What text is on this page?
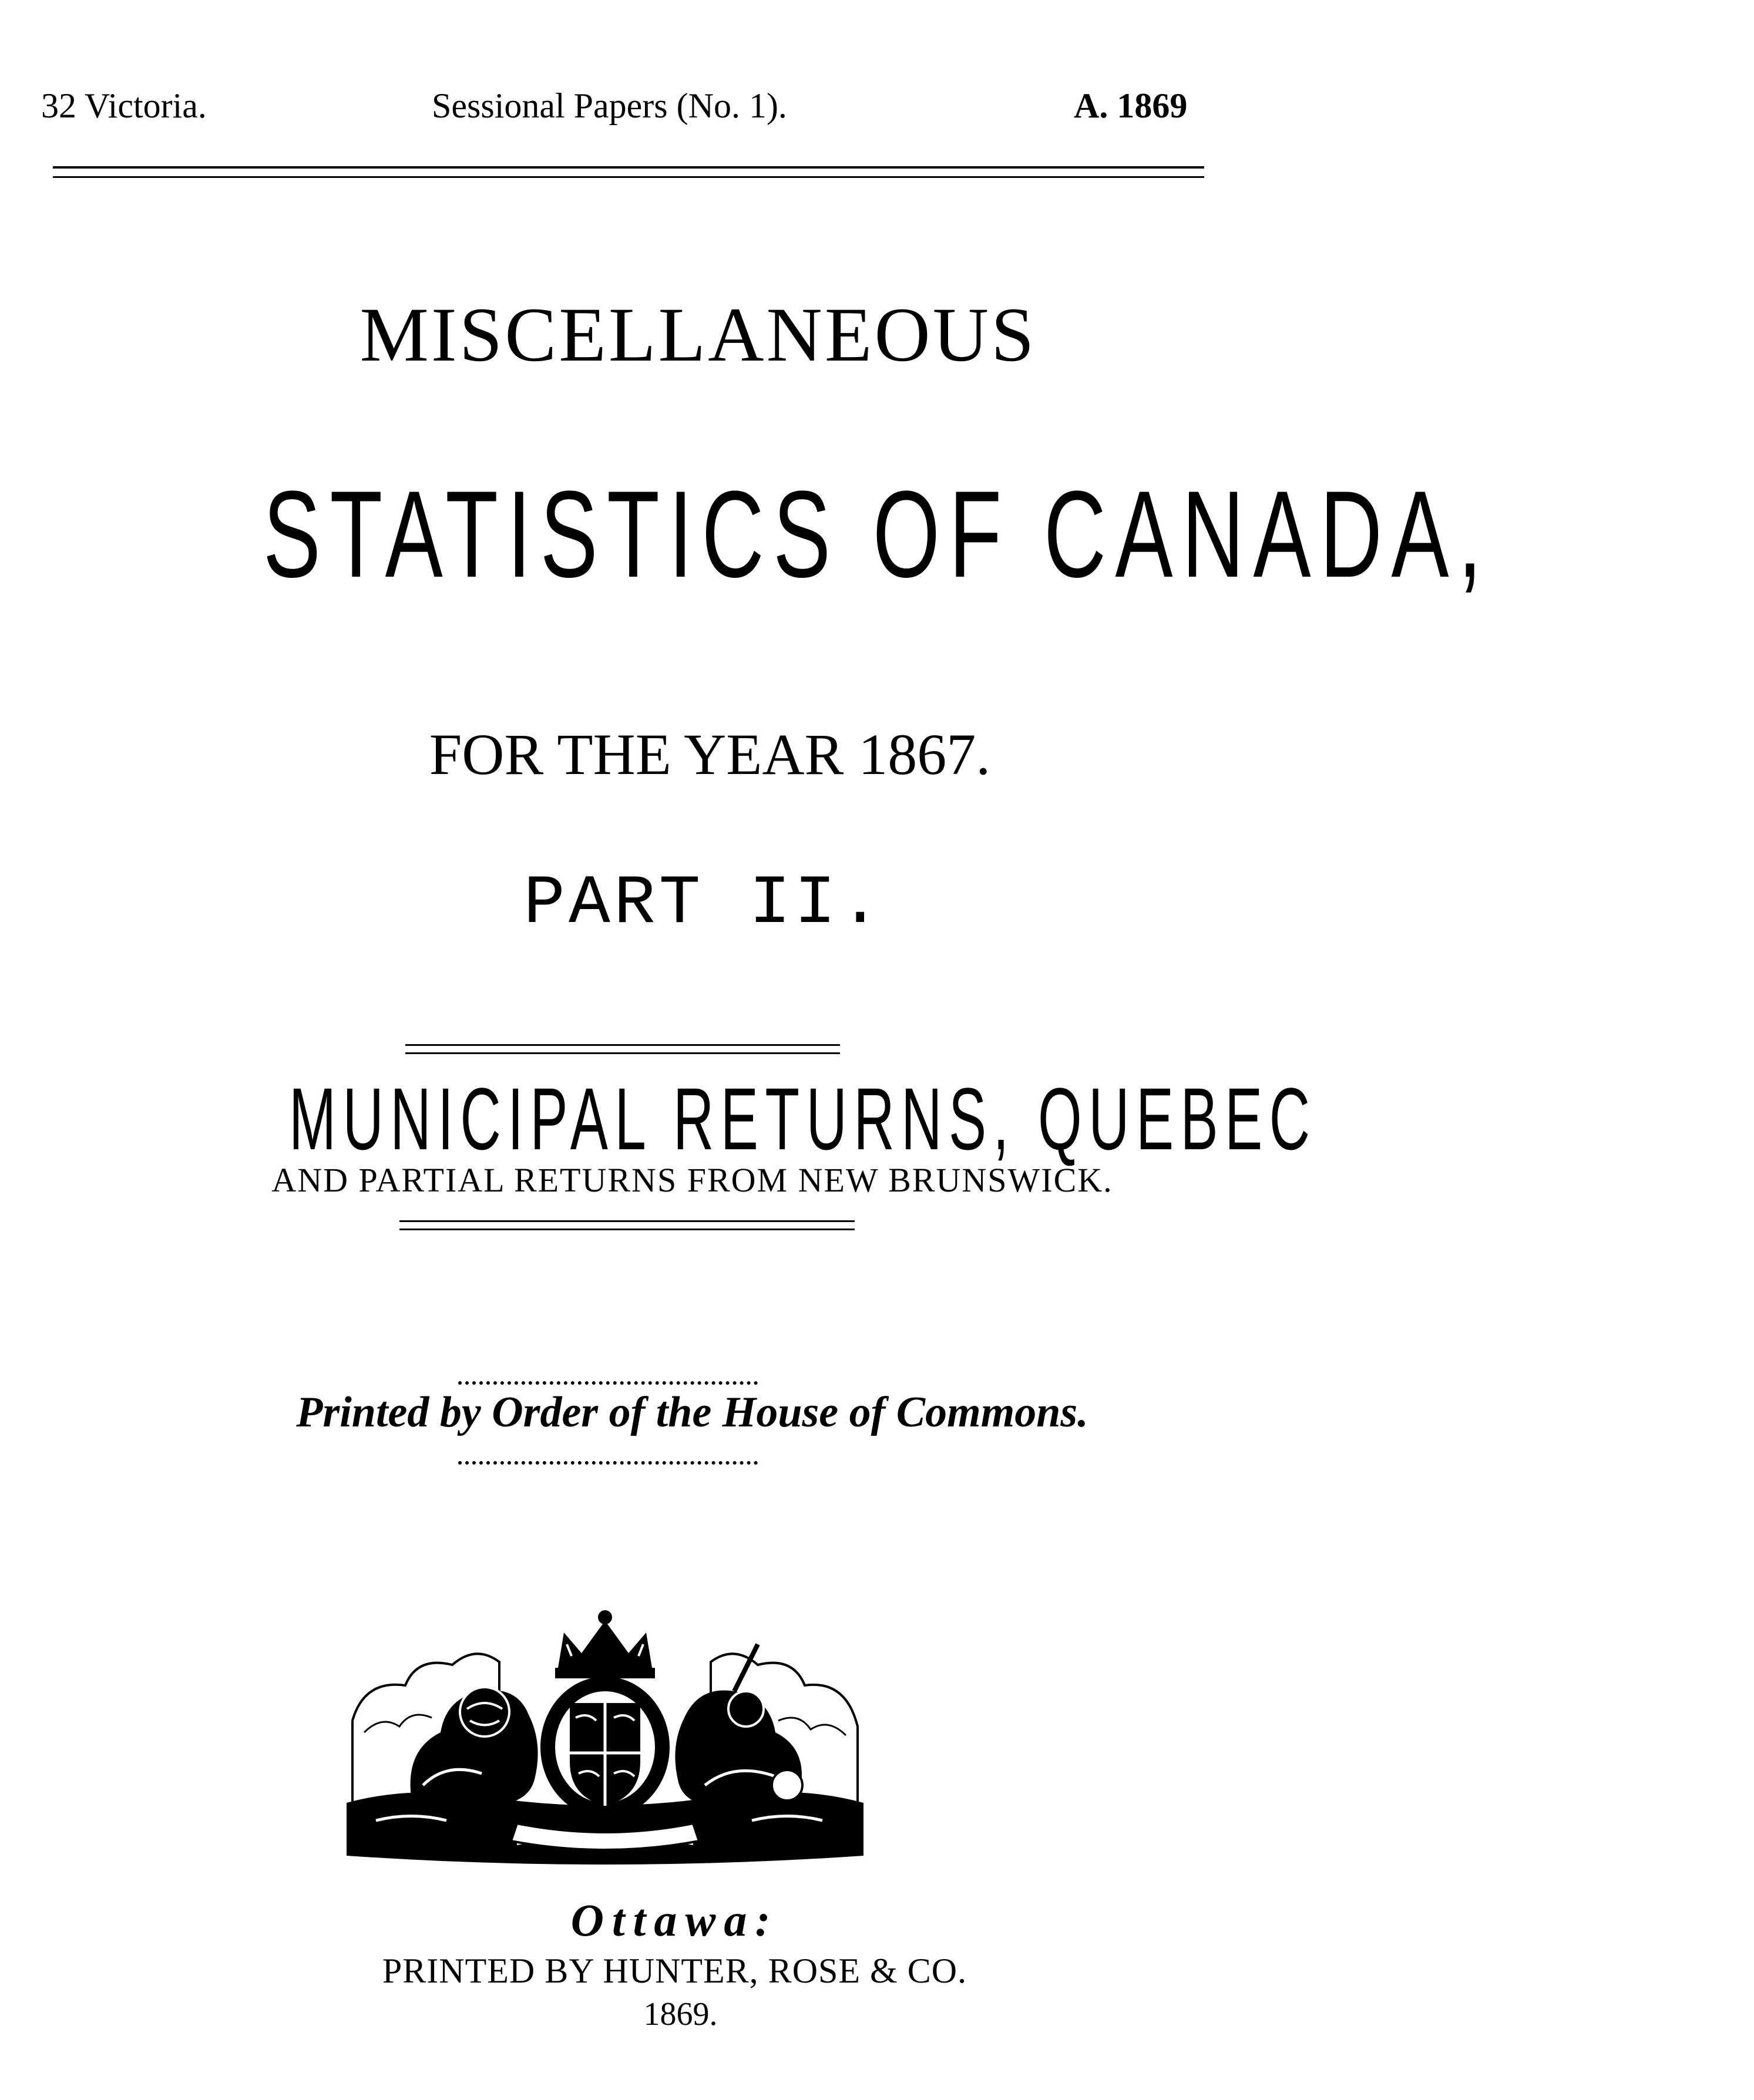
32 Victoria.	Sessional Papers (No. 1).	A. 1869
MISCELLANEOUS
STATISTICS OF CANADA,
FOR THE YEAR 1867.
PART II.
MUNICIPAL RETURNS, QUEBEC
AND PARTIAL RETURNS FROM NEW BRUNSWICK.
Printed by Order of the House of Commons.
Ottawa:
PRINTED BY HUNTER, ROSE & CO.
1869.
